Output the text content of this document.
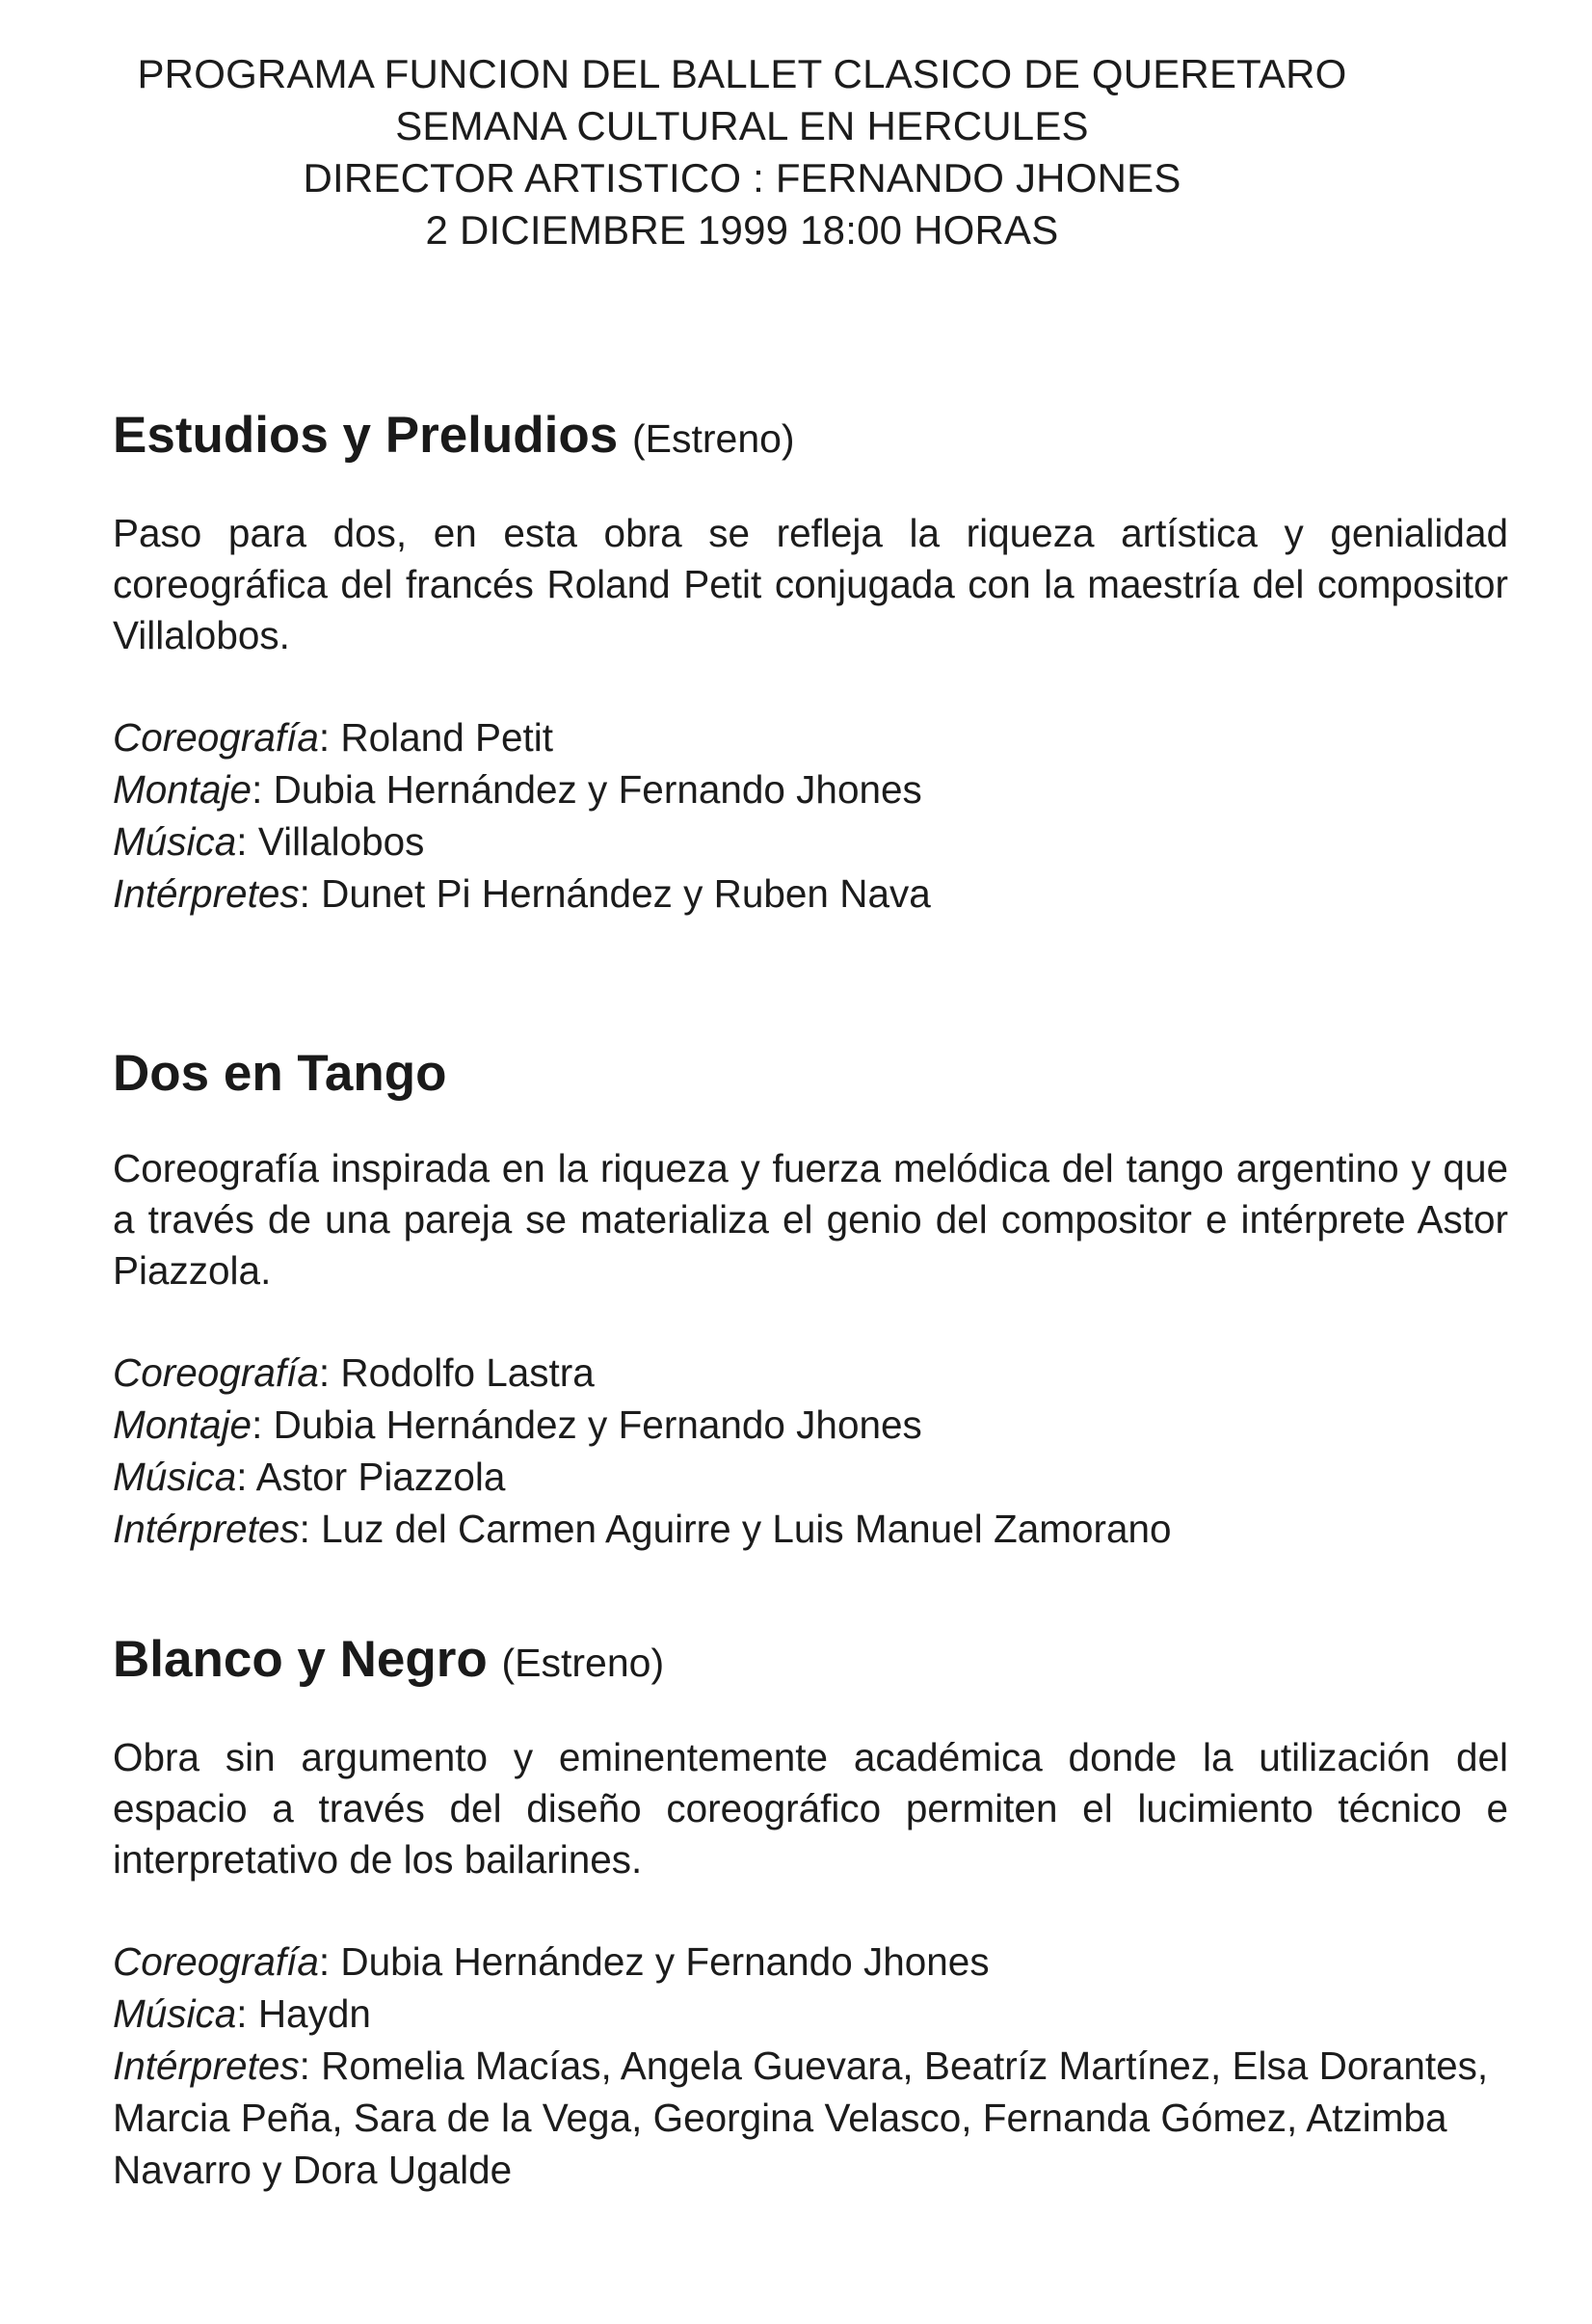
PROGRAMA FUNCION DEL BALLET CLASICO DE QUERETARO
SEMANA CULTURAL EN HERCULES
DIRECTOR ARTISTICO : FERNANDO JHONES
2 DICIEMBRE 1999 18:00 HORAS
Estudios y Preludios (Estreno)

Paso para dos, en esta obra se refleja la riqueza artística y genialidad coreográfica del francés Roland Petit conjugada con la maestría del compositor Villalobos.

Coreografía: Roland Petit
Montaje: Dubia Hernández y Fernando Jhones
Música: Villalobos
Intérpretes: Dunet Pi Hernández y Ruben Nava
Dos en Tango

Coreografía inspirada en la riqueza y fuerza melódica del tango argentino y que a través de una pareja se materializa el genio del compositor e intérprete Astor Piazzola.

Coreografía: Rodolfo Lastra
Montaje: Dubia Hernández y Fernando Jhones
Música: Astor Piazzola
Intérpretes: Luz del Carmen Aguirre y Luis Manuel Zamorano
Blanco y Negro (Estreno)

Obra sin argumento y eminentemente académica donde la utilización del espacio a través del diseño coreográfico permiten el lucimiento técnico e interpretativo de los bailarines.

Coreografía: Dubia Hernández y Fernando Jhones
Música: Haydn
Intérpretes: Romelia Macías, Angela Guevara, Beatríz Martínez, Elsa Dorantes, Marcia Peña, Sara de la Vega, Georgina Velasco, Fernanda Gómez, Atzimba Navarro y Dora Ugalde
